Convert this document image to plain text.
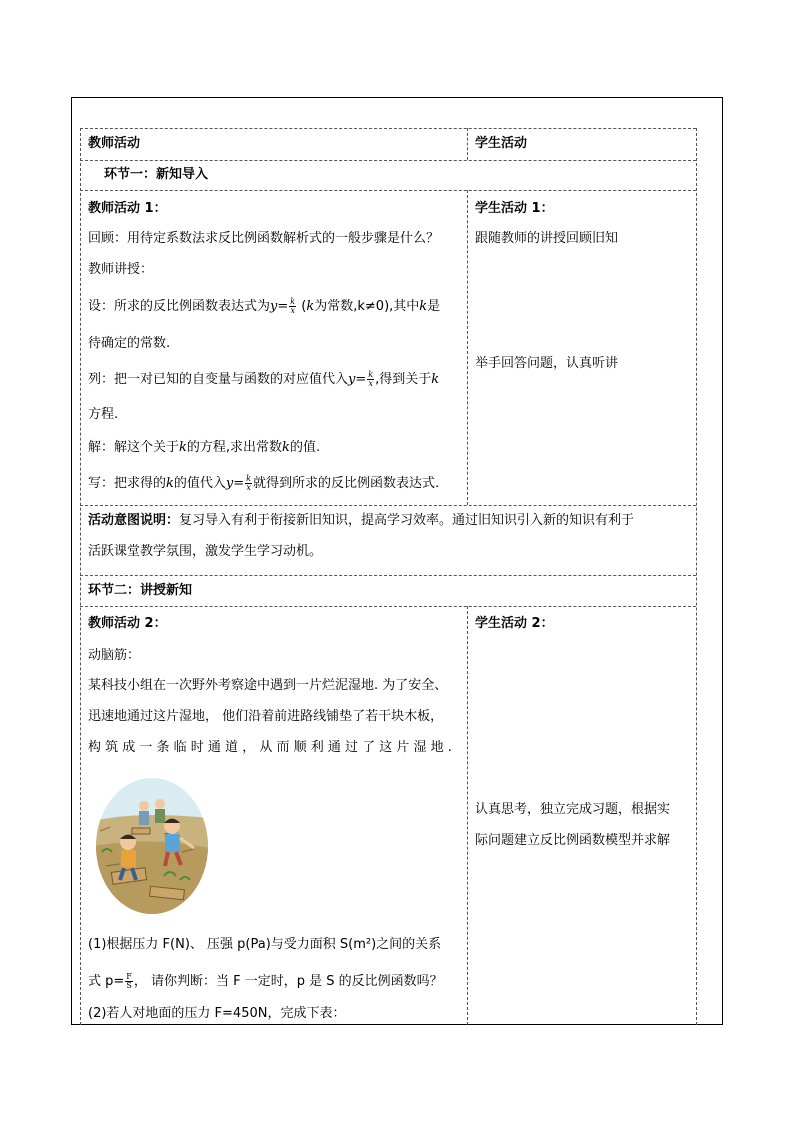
教师活动	学生活动
环节一：新知导入
教师活动 1：
回顾：用待定系数法求反比例函数解析式的一般步骤是什么？
教师讲授：
设：所求的反比例函数表达式为$y= \frac{k}{x} (k$为常数,k≠0),其中k是
待确定的常数.
列：把一对已知的自变量与函数的对应值代入$y= \frac{k}{x}$ ,得到关于k
方程.
解：解这个关于k的方程,求出常数k的值.
写：把求得的k的值代入$y= \frac{k}{x}$ 就得到所求的反比例函数表达式.
学生活动 1：
跟随教师的讲授回顾旧知
举手回答问题，认真听讲
活动意图说明：复习导入有利于衔接新旧知识，提高学习效率。通过旧知识引入新的知识有利于
活跃课堂教学氛围，激发学生学习动机。
环节二：讲授新知
教师活动 2：
动脑筋：
某科技小组在一次野外考察途中遇到一片烂泥湿地. 为了安全、
迅速地通过这片湿地， 他们沿着前进路线铺垫了若干块木板，
构 筑 成 一 条 临 时 通 道 ， 从 而 顺 利 通 过 了 这 片 湿 地 .
(1)根据压力 F(N)、 压强 p(Pa)与受力面积 S(m²)之间的关系
式 $p= \frac{F}{S}$ ， 请你判断：当 F 一定时，p 是 S 的反比例函数吗？
(2)若人对地面的压力 F=450N，完成下表：
学生活动 2：
认真思考，独立完成习题，根据实
际问题建立反比例函数模型并求解
